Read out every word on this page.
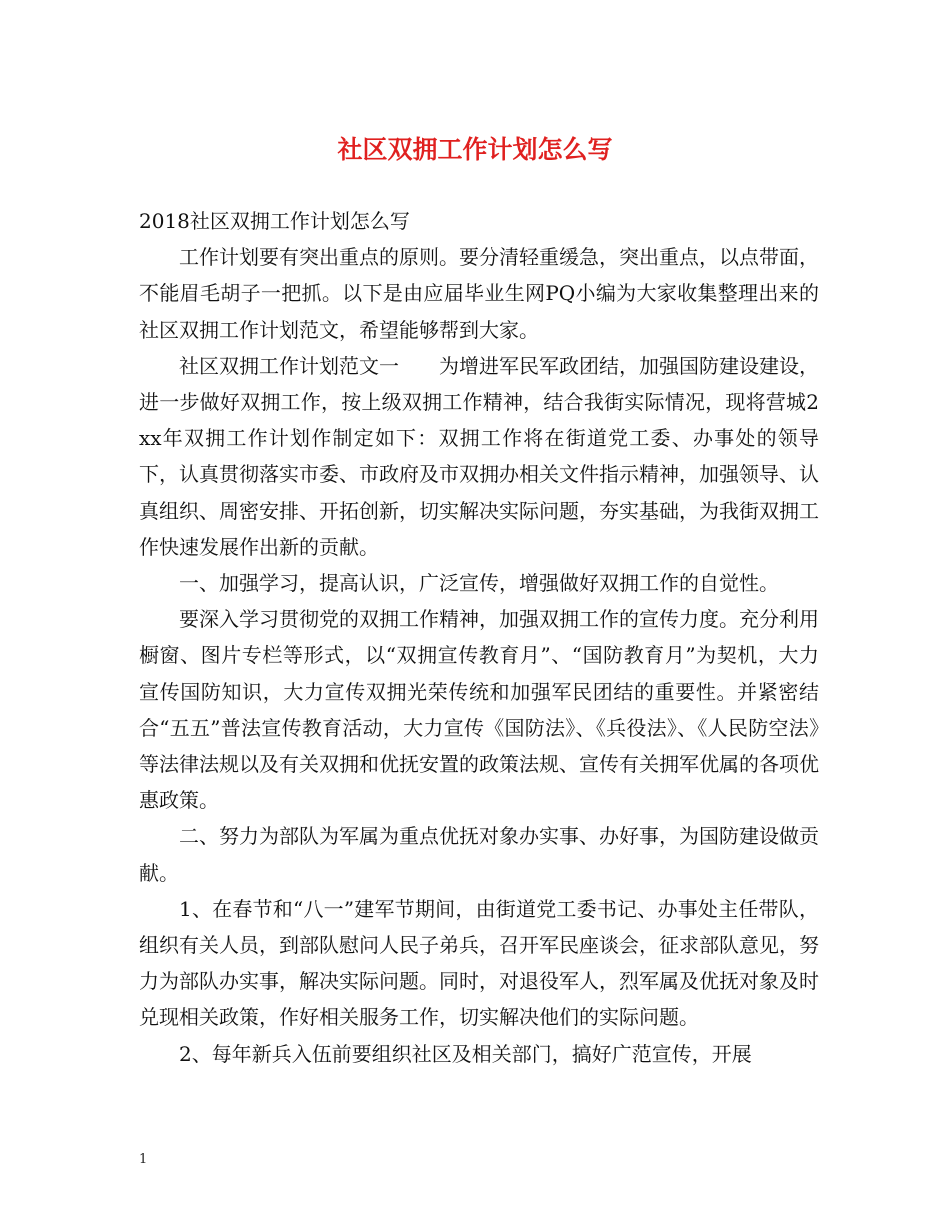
社区双拥工作计划怎么写

2018社区双拥工作计划怎么写

工作计划要有突出重点的原则。要分清轻重缓急，突出重点，以点带面，不能眉毛胡子一把抓。以下是由应届毕业生网PQ小编为大家收集整理出来的社区双拥工作计划范文，希望能够帮到大家。

社区双拥工作计划范文一　　为增进军民军政团结，加强国防建设建设，进一步做好双拥工作，按上级双拥工作精神，结合我街实际情况，现将营城2xx年双拥工作计划作制定如下：双拥工作将在街道党工委、办事处的领导下，认真贯彻落实市委、市政府及市双拥办相关文件指示精神，加强领导、认真组织、周密安排、开拓创新，切实解决实际问题，夯实基础，为我街双拥工作快速发展作出新的贡献。

一、加强学习，提高认识，广泛宣传，增强做好双拥工作的自觉性。

要深入学习贯彻党的双拥工作精神，加强双拥工作的宣传力度。充分利用橱窗、图片专栏等形式，以“双拥宣传教育月”、“国防教育月”为契机，大力宣传国防知识，大力宣传双拥光荣传统和加强军民团结的重要性。并紧密结合“五五”普法宣传教育活动，大力宣传《国防法》、《兵役法》、《人民防空法》等法律法规以及有关双拥和优抚安置的政策法规、宣传有关拥军优属的各项优惠政策。

二、努力为部队为军属为重点优抚对象办实事、办好事，为国防建设做贡献。

1、在春节和“八一”建军节期间，由街道党工委书记、办事处主任带队，组织有关人员，到部队慰问人民子弟兵，召开军民座谈会，征求部队意见，努力为部队办实事，解决实际问题。同时，对退役军人，烈军属及优抚对象及时兑现相关政策，作好相关服务工作，切实解决他们的实际问题。

2、每年新兵入伍前要组织社区及相关部门，搞好广范宣传，开展

1
